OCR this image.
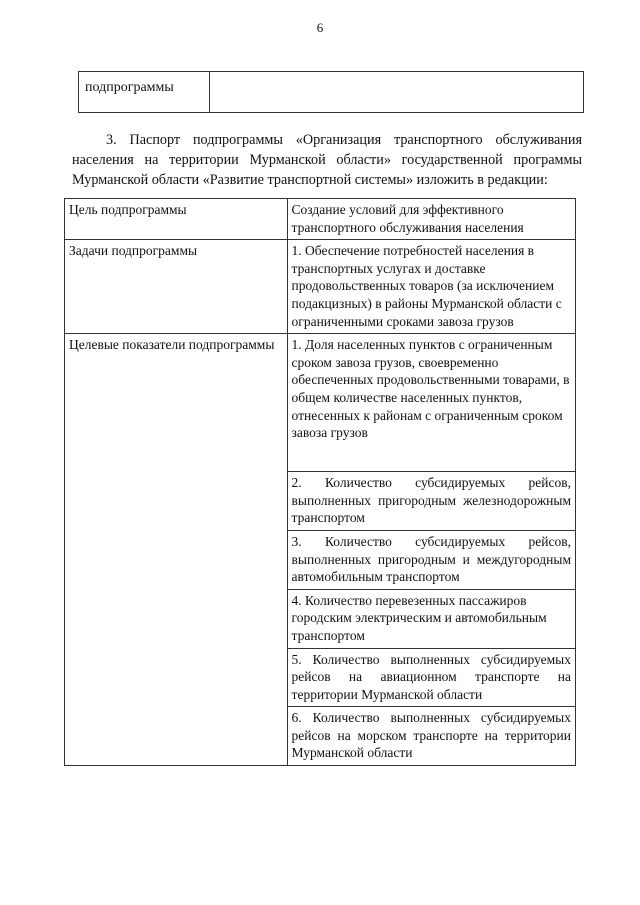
6
подпрограммы	
3. Паспорт подпрограммы «Организация транспортного обслуживания населения на территории Мурманской области» государственной программы Мурманской области «Развитие транспортной системы» изложить в редакции:
Цель подпрограммы	Создание условий для эффективного транспортного обслуживания населения
Задачи подпрограммы	1. Обеспечение потребностей населения в транспортных услугах и доставке продовольственных товаров (за исключением подакцизных) в районы Мурманской области с ограниченными сроками завоза грузов
Целевые показатели подпрограммы	1. Доля населенных пунктов с ограниченным сроком завоза грузов, своевременно обеспеченных продовольственными товарами, в общем количестве населенных пунктов, отнесенных к районам с ограниченным сроком завоза грузов
	2. Количество субсидируемых рейсов, выполненных пригородным железнодорожным транспортом
	3. Количество субсидируемых рейсов, выполненных пригородным и междугородным автомобильным транспортом
	4. Количество перевезенных пассажиров городским электрическим и автомобильным транспортом
	5. Количество выполненных субсидируемых рейсов на авиационном транспорте на территории Мурманской области
	6. Количество выполненных субсидируемых рейсов на морском транспорте на территории Мурманской области
